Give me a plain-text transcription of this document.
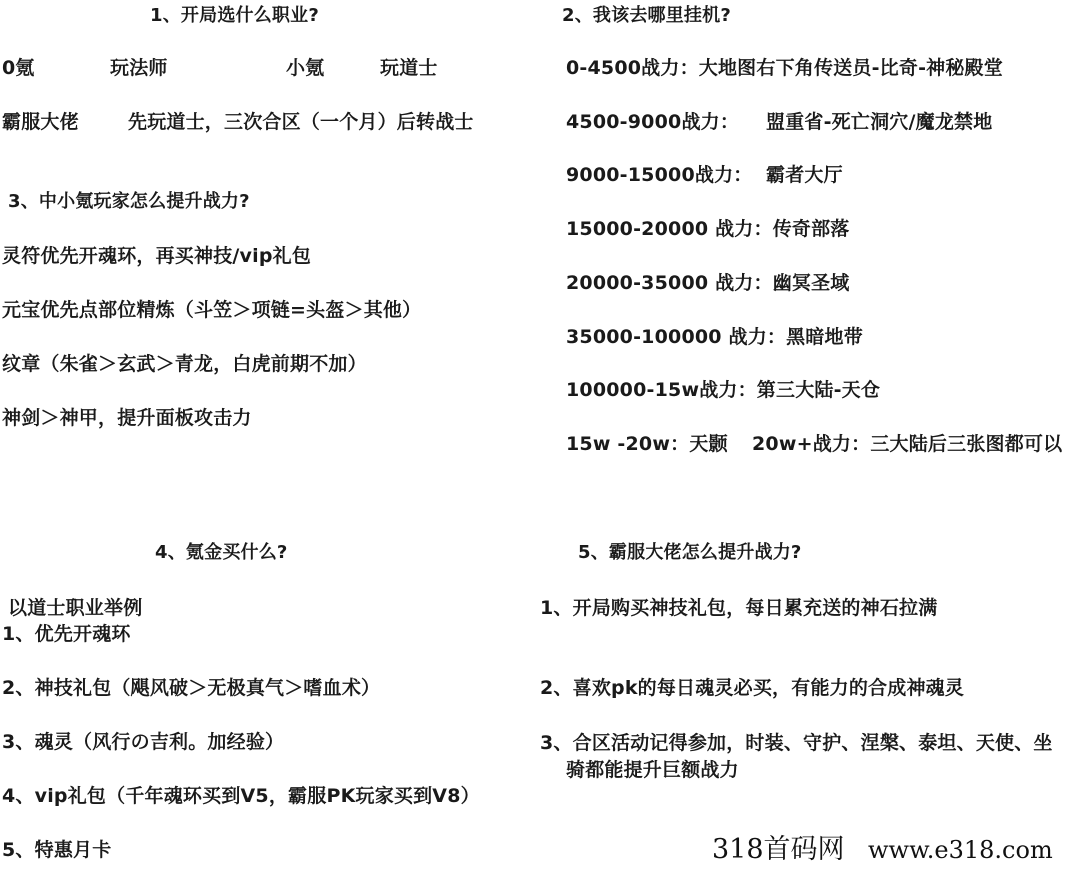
1、开局选什么职业?
0氪	玩法师	小氪	玩道士
霸服大佬	先玩道士，三次合区（一个月）后转战士
2、我该去哪里挂机?
0-4500战力：大地图右下角传送员-比奇-神秘殿堂
4500-9000战力： 盟重省-死亡洞穴/魔龙禁地
9000-15000战力： 霸者大厅
15000-20000 战力：传奇部落
20000-35000 战力：幽冥圣域
35000-100000 战力：黑暗地带
100000-15w战力：第三大陆-天仓
15w -20w：天颢 20w+战力：三大陆后三张图都可以
3、中小氪玩家怎么提升战力?
灵符优先开魂环，再买神技/vip礼包
元宝优先点部位精炼（斗笠＞项链=头盔＞其他）
纹章（朱雀＞玄武＞青龙，白虎前期不加）
神剑＞神甲，提升面板攻击力
4、氪金买什么?
以道士职业举例
1、优先开魂环
2、神技礼包（飓风破＞无极真气＞嗜血术）
3、魂灵（风行の吉利。加经验）
4、vip礼包（千年魂环买到V5，霸服PK玩家买到V8）
5、特惠月卡
5、霸服大佬怎么提升战力?
1、开局购买神技礼包，每日累充送的神石拉满
2、喜欢pk的每日魂灵必买，有能力的合成神魂灵
3、合区活动记得参加，时装、守护、涅槃、泰坦、天使、坐
骑都能提升巨额战力
318首码网 www.e318.com
